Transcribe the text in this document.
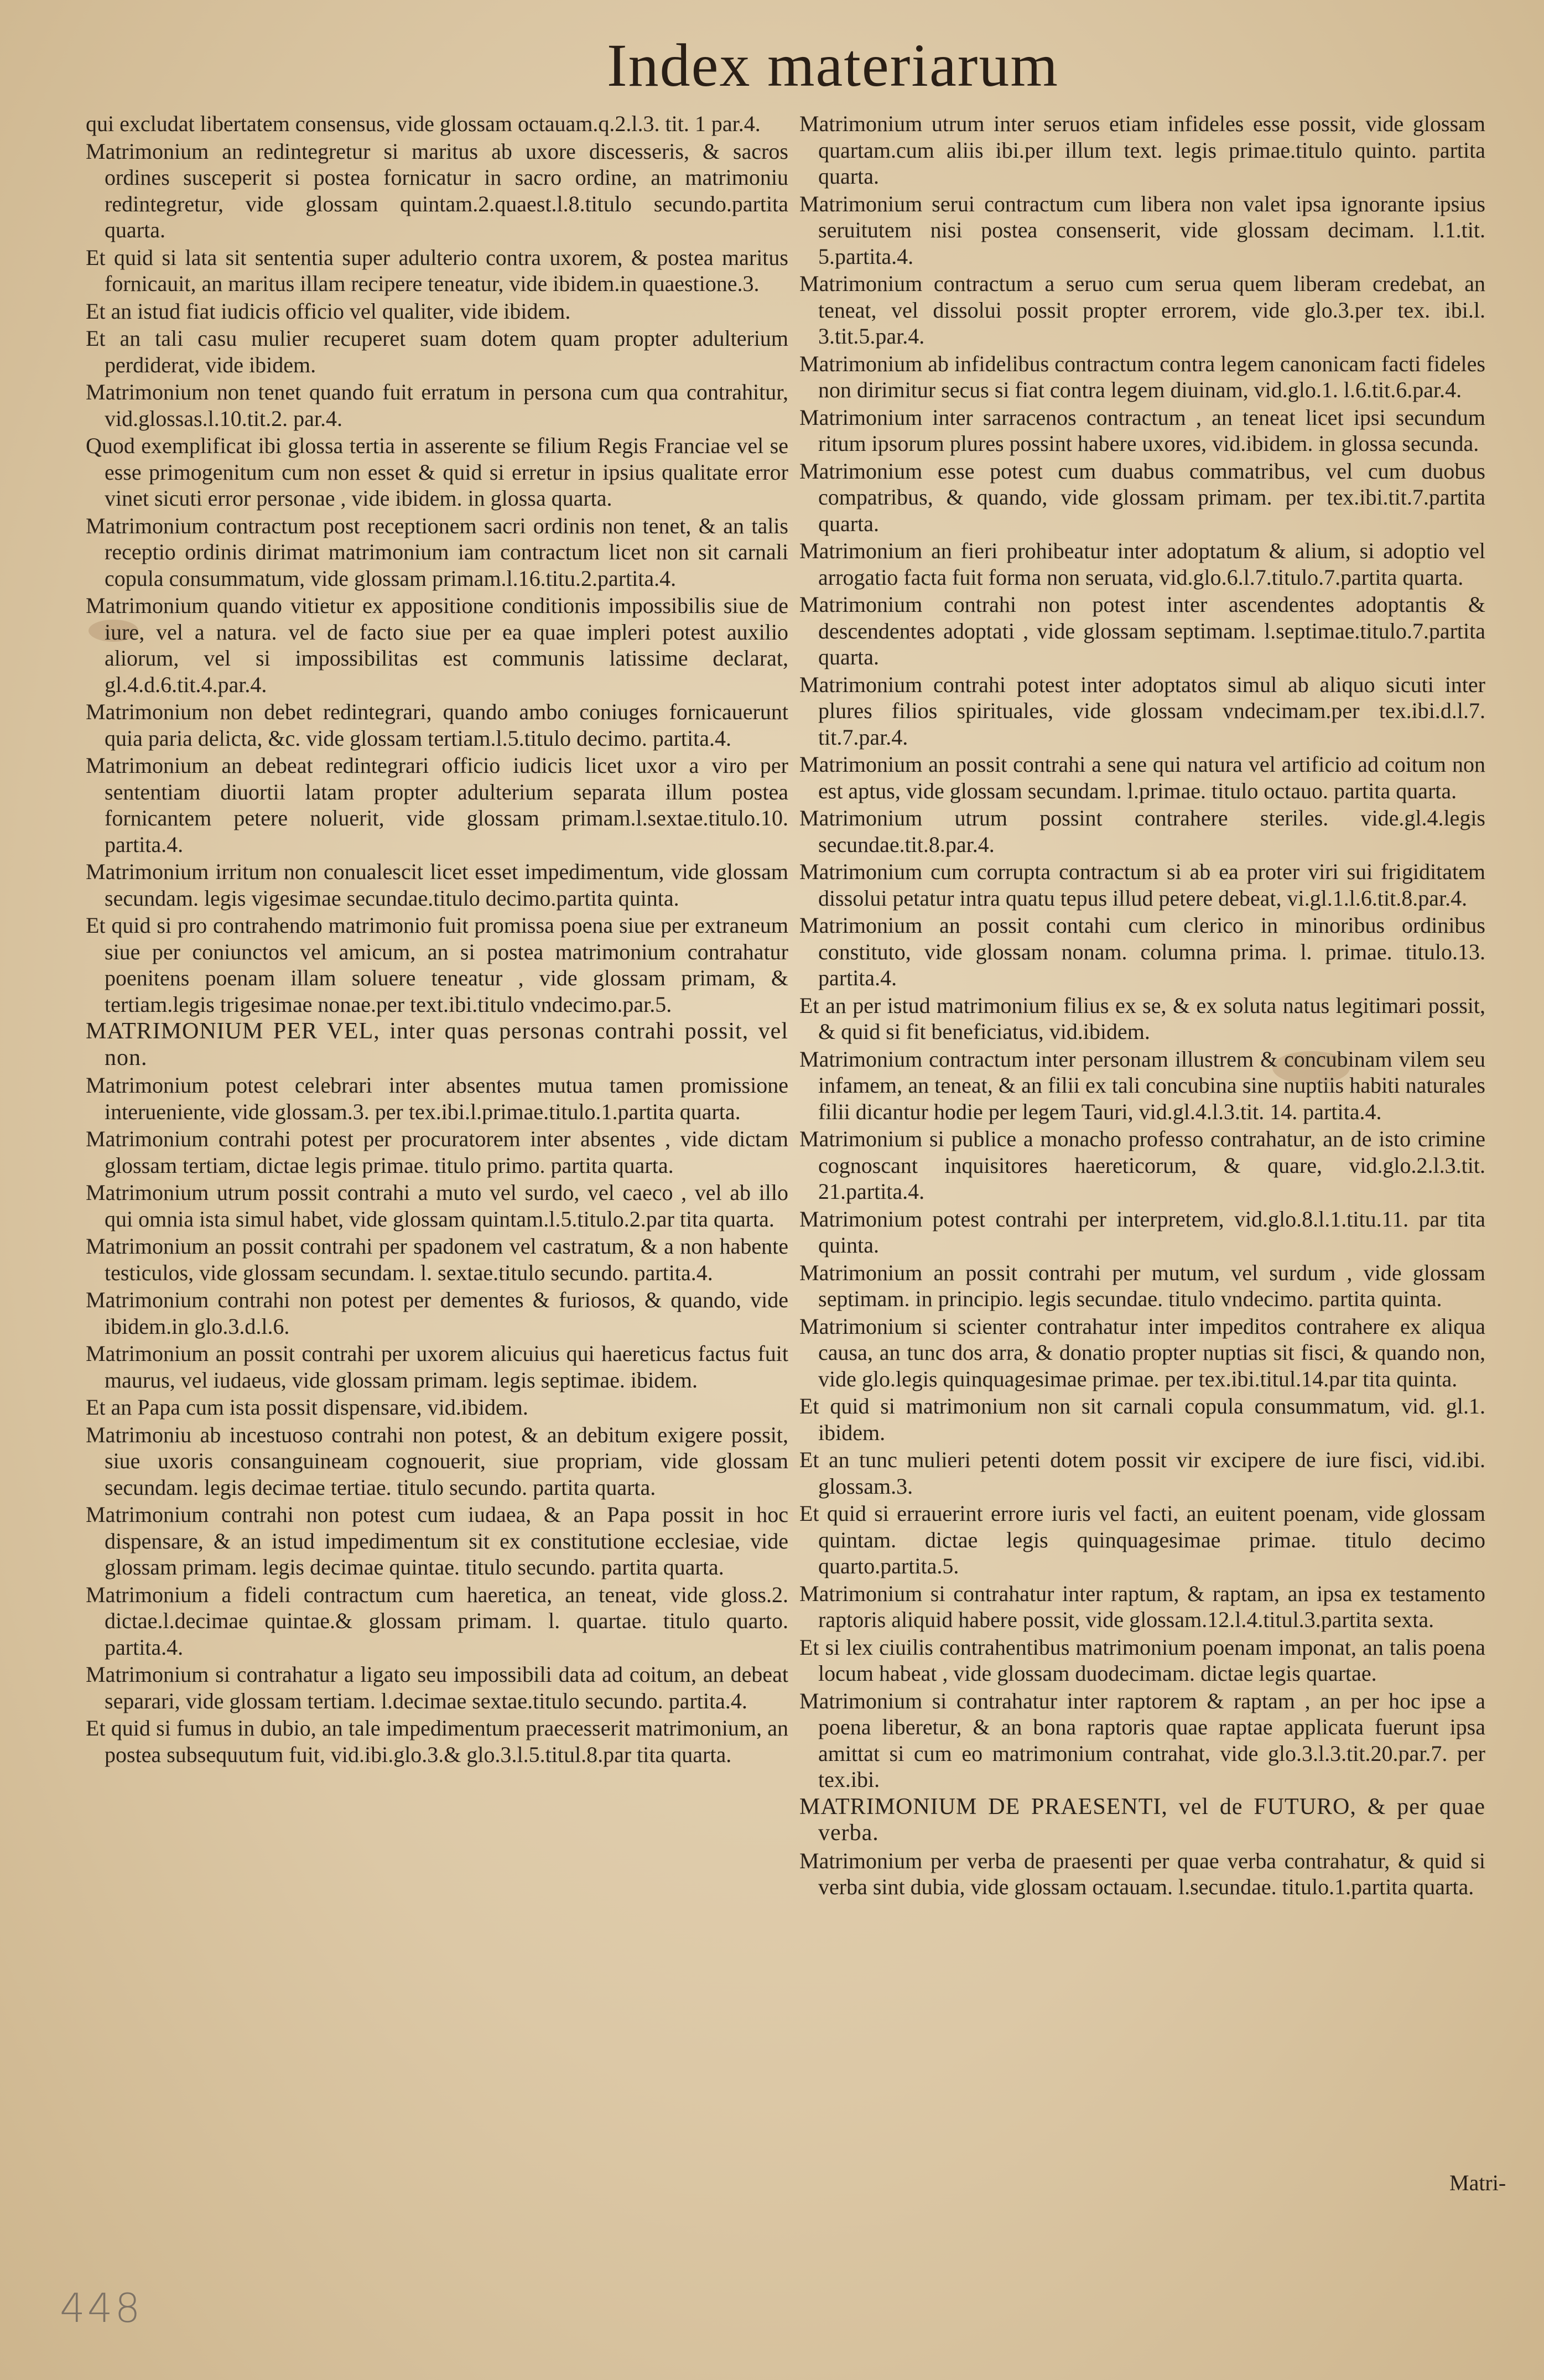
Index materiarum

qui excludat libertatem consensus, vide glossam octauam.q.2.l.3. tit. 1 par.4.

Matrimonium an redintegretur si maritus ab uxore discesseris, & sacros ordines susceperit si postea fornicatur in sacro ordine, an matrimoniu redintegretur, vide glossam quintam.2.quaest.l.8.titulo secundo.partita quarta.

Et quid si lata sit sententia super adulterio contra uxorem, & postea maritus fornicauit, an maritus illam recipere teneatur, vide ibidem.in quaestione.3.

Et an istud fiat iudicis officio vel qualiter, vide ibidem.

Et an tali casu mulier recuperet suam dotem quam propter adulterium perdiderat, vide ibidem.

Matrimonium non tenet quando fuit erratum in persona cum qua contrahitur, vid.glossas.l.10.tit.2. par.4.

Quod exemplificat ibi glossa tertia in asserente se filium Regis Franciae vel se esse primogenitum cum non esset & quid si erretur in ipsius qualitate error vinet sicuti error personae , vide ibidem. in glossa quarta.

Matrimonium contractum post receptionem sacri ordinis non tenet, & an talis receptio ordinis dirimat matrimonium iam contractum licet non sit carnali copula consummatum, vide glossam primam.l.16.titu.2.partita.4.

Matrimonium quando vitietur ex appositione conditionis impossibilis siue de iure, vel a natura. vel de facto siue per ea quae impleri potest auxilio aliorum, vel si impossibilitas est communis latissime declarat, gl.4.d.6.tit.4.par.4.

Matrimonium non debet redintegrari, quando ambo coniuges fornicauerunt quia paria delicta, &c. vide glossam tertiam.l.5.titulo decimo. partita.4.

Matrimonium an debeat redintegrari officio iudicis licet uxor a viro per sententiam diuortii latam propter adulterium separata illum postea fornicantem petere noluerit, vide glossam primam.l.sextae.titulo.10. partita.4.

Matrimonium irritum non conualescit licet esset impedimentum, vide glossam secundam. legis vigesimae secundae.titulo decimo.partita quinta.

Et quid si pro contrahendo matrimonio fuit promissa poena siue per extraneum siue per coniunctos vel amicum, an si postea matrimonium contrahatur poenitens poenam illam soluere teneatur , vide glossam primam, & tertiam.legis trigesimae nonae.per text.ibi.titulo vndecimo.par.5.

MATRIMONIUM PER VEL, inter quas personas contrahi possit, vel non.

Matrimonium potest celebrari inter absentes mutua tamen promissione interueniente, vide glossam.3. per tex.ibi.l.primae.titulo.1.partita quarta.

Matrimonium contrahi potest per procuratorem inter absentes , vide dictam glossam tertiam, dictae legis primae. titulo primo. partita quarta.

Matrimonium utrum possit contrahi a muto vel surdo, vel caeco , vel ab illo qui omnia ista simul habet, vide glossam quintam.l.5.titulo.2.par tita quarta.

Matrimonium an possit contrahi per spadonem vel castratum, & a non habente testiculos, vide glossam secundam. l. sextae.titulo secundo. partita.4.

Matrimonium contrahi non potest per dementes & furiosos, & quando, vide ibidem.in glo.3.d.l.6.

Matrimonium an possit contrahi per uxorem alicuius qui haereticus factus fuit maurus, vel iudaeus, vide glossam primam. legis septimae. ibidem.

Et an Papa cum ista possit dispensare, vid.ibidem.

Matrimoniu ab incestuoso contrahi non potest, & an debitum exigere possit, siue uxoris consanguineam cognouerit, siue propriam, vide glossam secundam. legis decimae tertiae. titulo secundo. partita quarta.

Matrimonium contrahi non potest cum iudaea, & an Papa possit in hoc dispensare, & an istud impedimentum sit ex constitutione ecclesiae, vide glossam primam. legis decimae quintae. titulo secundo. partita quarta.

Matrimonium a fideli contractum cum haeretica, an teneat, vide gloss.2. dictae.l.decimae quintae.& glossam primam. l. quartae. titulo quarto. partita.4.

Matrimonium si contrahatur a ligato seu impossibili data ad coitum, an debeat separari, vide glossam tertiam. l.decimae sextae.titulo secundo. partita.4.

Et quid si fumus in dubio, an tale impedimentum praecesserit matrimonium, an postea subsequutum fuit, vid.ibi.glo.3.& glo.3.l.5.titul.8.par tita quarta.

Matrimonium utrum inter seruos etiam infideles esse possit, vide glossam quartam.cum aliis ibi.per illum text. legis primae.titulo quinto. partita quarta.

Matrimonium serui contractum cum libera non valet ipsa ignorante ipsius seruitutem nisi postea consenserit, vide glossam decimam. l.1.tit. 5.partita.4.

Matrimonium contractum a seruo cum serua quem liberam credebat, an teneat, vel dissolui possit propter errorem, vide glo.3.per tex. ibi.l. 3.tit.5.par.4.

Matrimonium ab infidelibus contractum contra legem canonicam facti fideles non dirimitur secus si fiat contra legem diuinam, vid.glo.1. l.6.tit.6.par.4.

Matrimonium inter sarracenos contractum , an teneat licet ipsi secundum ritum ipsorum plures possint habere uxores, vid.ibidem. in glossa secunda.

Matrimonium esse potest cum duabus commatribus, vel cum duobus compatribus, & quando, vide glossam primam. per tex.ibi.tit.7.partita quarta.

Matrimonium an fieri prohibeatur inter adoptatum & alium, si adoptio vel arrogatio facta fuit forma non seruata, vid.glo.6.l.7.titulo.7.partita quarta.

Matrimonium contrahi non potest inter ascendentes adoptantis & descendentes adoptati , vide glossam septimam. l.septimae.titulo.7.partita quarta.

Matrimonium contrahi potest inter adoptatos simul ab aliquo sicuti inter plures filios spirituales, vide glossam vndecimam.per tex.ibi.d.l.7. tit.7.par.4.

Matrimonium an possit contrahi a sene qui natura vel artificio ad coitum non est aptus, vide glossam secundam. l.primae. titulo octauo. partita quarta.

Matrimonium utrum possint contrahere steriles. vide.gl.4.legis secundae.tit.8.par.4.

Matrimonium cum corrupta contractum si ab ea proter viri sui frigiditatem dissolui petatur intra quatu tepus illud petere debeat, vi.gl.1.l.6.tit.8.par.4.

Matrimonium an possit contahi cum clerico in minoribus ordinibus constituto, vide glossam nonam. columna prima. l. primae. titulo.13. partita.4.

Et an per istud matrimonium filius ex se, & ex soluta natus legitimari possit, & quid si fit beneficiatus, vid.ibidem.

Matrimonium contractum inter personam illustrem & concubinam vilem seu infamem, an teneat, & an filii ex tali concubina sine nuptiis habiti naturales filii dicantur hodie per legem Tauri, vid.gl.4.l.3.tit. 14. partita.4.

Matrimonium si publice a monacho professo contrahatur, an de isto crimine cognoscant inquisitores haereticorum, & quare, vid.glo.2.l.3.tit. 21.partita.4.

Matrimonium potest contrahi per interpretem, vid.glo.8.l.1.titu.11. par tita quinta.

Matrimonium an possit contrahi per mutum, vel surdum , vide glossam septimam. in principio. legis secundae. titulo vndecimo. partita quinta.

Matrimonium si scienter contrahatur inter impeditos contrahere ex aliqua causa, an tunc dos arra, & donatio propter nuptias sit fisci, & quando non, vide glo.legis quinquagesimae primae. per tex.ibi.titul.14.par tita quinta.

Et quid si matrimonium non sit carnali copula consummatum, vid. gl.1. ibidem.

Et an tunc mulieri petenti dotem possit vir excipere de iure fisci, vid.ibi. glossam.3.

Et quid si errauerint errore iuris vel facti, an euitent poenam, vide glossam quintam. dictae legis quinquagesimae primae. titulo decimo quarto.partita.5.

Matrimonium si contrahatur inter raptum, & raptam, an ipsa ex testamento raptoris aliquid habere possit, vide glossam.12.l.4.titul.3.partita sexta.

Et si lex ciuilis contrahentibus matrimonium poenam imponat, an talis poena locum habeat , vide glossam duodecimam. dictae legis quartae.

Matrimonium si contrahatur inter raptorem & raptam , an per hoc ipse a poena liberetur, & an bona raptoris quae raptae applicata fuerunt ipsa amittat si cum eo matrimonium contrahat, vide glo.3.l.3.tit.20.par.7. per tex.ibi.

MATRIMONIUM DE PRAESENTI, vel de FUTURO, & per quae verba.

Matrimonium per verba de praesenti per quae verba contrahatur, & quid si verba sint dubia, vide glossam octauam. l.secundae. titulo.1.partita quarta.

Matri-
448
